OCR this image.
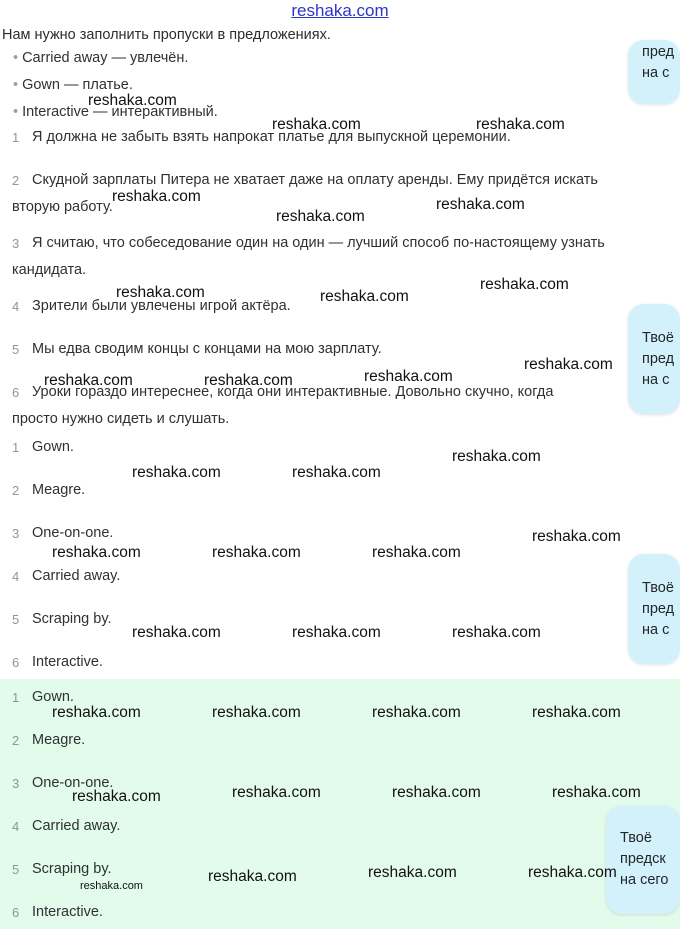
reshaka.com
Нам нужно заполнить пропуски в предложениях.
• Carried away — увлечён.
• Gown — платье.
• Interactive — интерактивный.
1 Я должна не забыть взять напрокат платье для выпускной церемонии.
2 Скудной зарплаты Питера не хватает даже на оплату аренды. Ему придётся искать
вторую работу.
3 Я считаю, что собеседование один на один — лучший способ по-настоящему узнать
кандидата.
4 Зрители были увлечены игрой актёра.
5 Мы едва сводим концы с концами на мою зарплату.
6 Уроки гораздо интереснее, когда они интерактивные. Довольно скучно, когда
просто нужно сидеть и слушать.
1 Gown.
2 Meagre.
3 One-on-one.
4 Carried away.
5 Scraping by.
6 Interactive.
1 Gown.
2 Meagre.
3 One-on-one.
4 Carried away.
5 Scraping by.
6 Interactive.
пред
на с
Твоё
пред
на с
Твоё
пред
на с
Твоё
предск
на сего
reshaka.com
reshaka.com	reshaka.com
reshaka.com	reshaka.com
reshaka.com
reshaka.com
reshaka.com	reshaka.com
reshaka.com
reshaka.com
reshaka.com	reshaka.com
reshaka.com
reshaka.com	reshaka.com
reshaka.com
reshaka.com	reshaka.com	reshaka.com
reshaka.com	reshaka.com	reshaka.com
reshaka.com	reshaka.com	reshaka.com	reshaka.com
reshaka.com	reshaka.com	reshaka.com
reshaka.com
reshaka.com	reshaka.com
reshaka.com
reshaka.com
